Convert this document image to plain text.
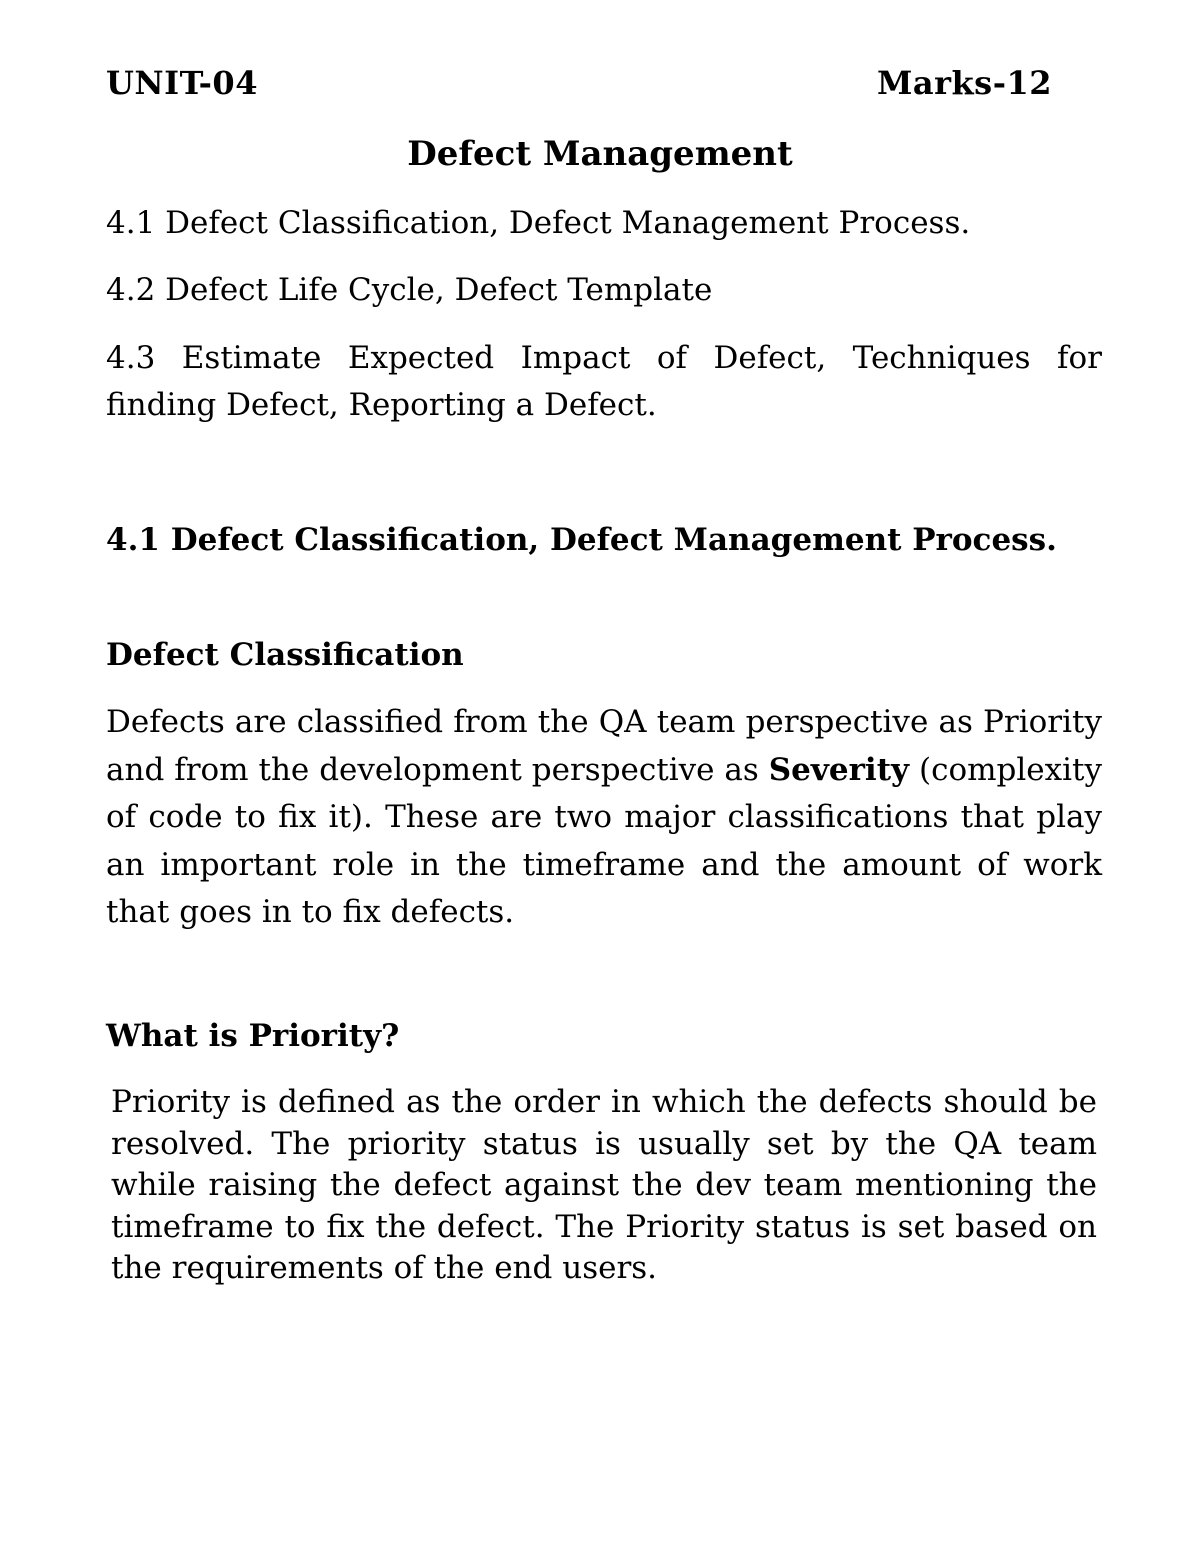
UNIT-04	Marks-12
Defect Management

4.1 Defect Classification, Defect Management Process.

4.2 Defect Life Cycle, Defect Template

4.3 Estimate Expected Impact of Defect, Techniques for finding Defect, Reporting a Defect.

4.1 Defect Classification, Defect Management Process.
Defect Classification

Defects are classified from the QA team perspective as Priority and from the development perspective as Severity (complexity of code to fix it). These are two major classifications that play an important role in the timeframe and the amount of work that goes in to fix defects.

What is Priority?

Priority is defined as the order in which the defects should be resolved. The priority status is usually set by the QA team while raising the defect against the dev team mentioning the timeframe to fix the defect. The Priority status is set based on the requirements of the end users.
